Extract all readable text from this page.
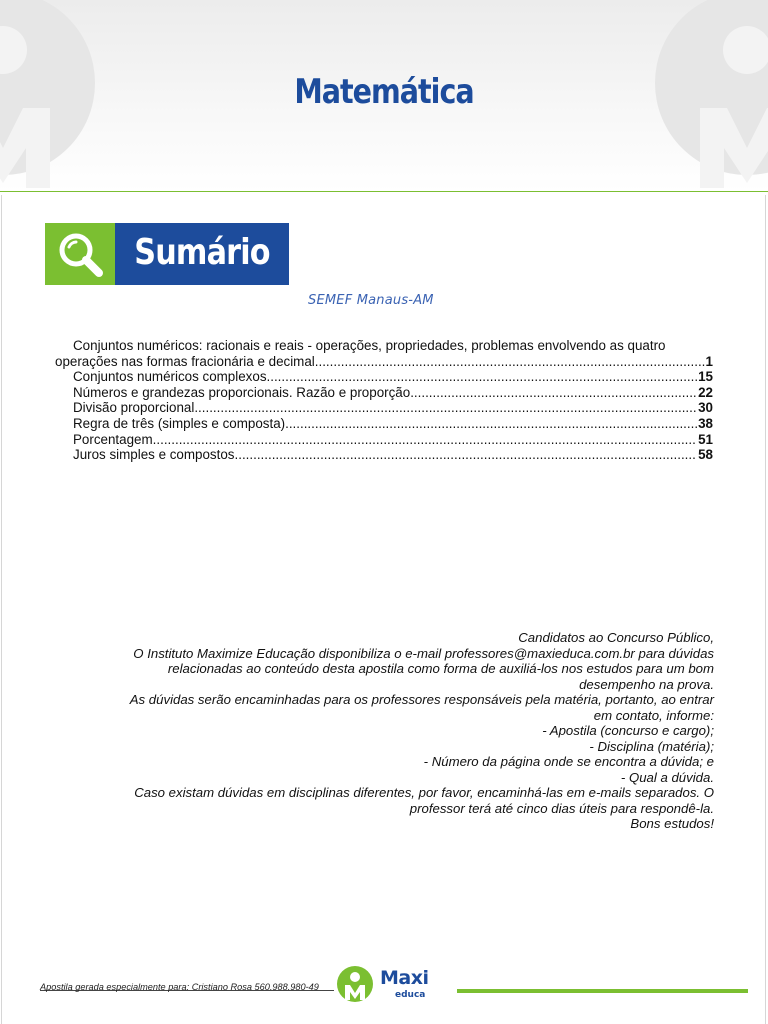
Matemática
Sumário
SEMEF Manaus-AM
Conjuntos numéricos: racionais e reais - operações, propriedades, problemas envolvendo as quatro
operações nas formas fracionária e decimal .....	1
Conjuntos numéricos complexos .....	15
Números e grandezas proporcionais. Razão e proporção .....	22
Divisão proporcional .....	30
Regra de três (simples e composta) .....	38
Porcentagem .....	51
Juros simples e compostos .....	58
Candidatos ao Concurso Público,
O Instituto Maximize Educação disponibiliza o e-mail professores@maxieduca.com.br para dúvidas
relacionadas ao conteúdo desta apostila como forma de auxiliá-los nos estudos para um bom
desempenho na prova.
As dúvidas serão encaminhadas para os professores responsáveis pela matéria, portanto, ao entrar
em contato, informe:
- Apostila (concurso e cargo);
- Disciplina (matéria);
- Número da página onde se encontra a dúvida; e
- Qual a dúvida.
Caso existam dúvidas em disciplinas diferentes, por favor, encaminhá-las em e-mails separados. O
professor terá até cinco dias úteis para respondê-la.
Bons estudos!
Apostila gerada especialmente para: Cristiano Rosa 560.988.980-49	Maxi
educa
